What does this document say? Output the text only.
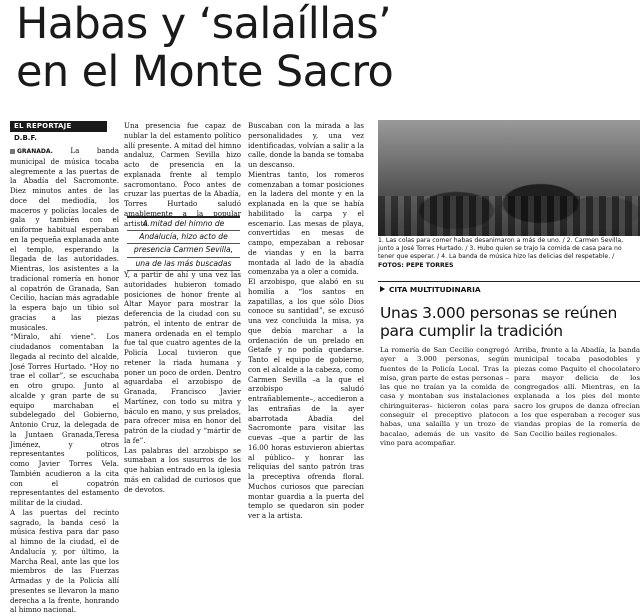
Habas y ‘salaíllas’
en el Monte Sacro
EL REPORTAJE
D.B.F.

GRANADA. La banda municipal de música tocaba alegremente a las puertas de la Abadía del Sacromonte. Diez minutos antes de las doce del mediodía, los maceros y policías locales de gala y también con el uniforme habitual esperaban en la pequeña explanada ante el templo, esperando la llegada de las autoridades. Mientras, los asistentes a la tradicional romería en honor al copatrón de Granada, San Cecilio, hacían más agradable la espera bajo un tibio sol gracias a las piezas musicales.

“Miralo, ahí viene”. Los ciudadanos comentaban la llegada al recinto del alcalde, José Torres Hurtado. “Hoy no trae el collar”, se escuchaba en otro grupo. Junto al alcalde y gran parte de su equipo marchaban el subdelegado del Gobierno, Antonio Cruz, la delegada de la Juntaen Granada,Teresa Jiménez, y otros representantes políticos, como Javier Torres Vela. También acudieron a la cita con el copatrón representantes del estamento militar de la ciudad.

A las puertas del recinto sagrado, la banda cesó la música festiva para dar paso al himno de la ciudad, el de Andalucía y, por último, la Marcha Real, ante las que los miembros de las Fuerzas Armadas y de la Policía allí presentes se llevaron la mano derecha a la frente, honrando al himno nacional.

Una presencia fue capaz de nublar la del estamento político allí presente. A mitad del himno andaluz, Carmen Sevilla hizo acto de presencia en la explanada frente al templo sacromontano. Poco antes de cruzar las puertas de la Abadía, Torres Hurtado saludó amablemente a la popular artista.

A mitad del himno de
Andalucía, hizo acto de
presencia Carmen Sevilla,
una de las más buscadas

Y, a partir de ahí y una vez las autoridades hubieron tomado posiciones de honor frente al Altar Mayor para mostrar la deferencia de la ciudad con su patrón, el intento de entrar de manera ordenada en el templo fue tal que cuatro agentes de la Policía Local tuvieron que retener la riada humana y poner un poco de orden. Dentro aguardaba el arzobispo de Granada, Francisco Javier Martínez, con todo su mitra y báculo en mano, y sus prelados, para ofrecer misa en honor del patrón de la ciudad y “mártir de la fe”.

Las palabras del arzobispo se sumaban a los susurros de los que habían entrado en la iglesia más en calidad de curiosos que de devotos.

Buscaban con la mirada a las personalidades y, una vez identificadas, volvían a salir a la calle, donde la banda se tomaba un descanso.

Mientras tanto, los romeros comenzaban a tomar posiciones en la ladera del monte y en la explanada en la que se había habilitado la carpa y el escenario. Las mesas de playa, convertidas en mesas de campo, empezaban a rebosar de viandas y en la barra montada al lado de la abadía comenzaba ya a oler a comida.

El arzobispo, que alabó en su homilía a “los santos en zapatillas, a los que sólo Dios conoce su santidad”, se excusó una vez concluida la misa, ya que debía marchar a la ordenación de un prelado en Getafe y no podía quedarse. Tanto el equipo de gobierno, con el alcalde a la cabeza, como Carmen Sevilla –a la que el arzobispo saludó entrañablemente–, accedieron a las entrañas de la ayer abarrotada Abadía del Sacromonte para visitar las cuevas –que a partir de las 16.00 horas estuvieron abiertas al público– y honrar las reliquias del santo patrón tras la preceptiva ofrenda floral. Muchos curiosos que parecían montar guardia a la puerta del templo se quedaron sin poder ver a la artista.

1. Las colas para comer habas desanimaron a más de uno. / 2. Carmen Sevilla, junto a José Torres Hurtado. / 3. Hubo quien se trajo la comida de casa para no tener que esperar. / 4. La banda de música hizo las delicias del respetable. / FOTOS: PEPE TORRES
CITA MULTITUDINARIA
Unas 3.000 personas se reúnen para cumplir la tradición

La romería de San Cecilio congregó ayer a 3.000 personas, según fuentes de la Policía Local. Tras la misa, gran parte de estas personas –las que no traían ya la comida de casa y montaban sus instalaciones chiringuiteras– hicieron colas para conseguir el preceptivo platocon habas, una salaílla y un trozo de bacalao, además de un vasito de vino para acompañar.

Arriba, frente a la Abadía, la banda municipal tocaba pasodobles y piezas como Paquito el chocolatero para mayor delicia de los congregados allí. Mientras, en la explanada a los pies del monte sacro los grupos de danza ofrecían a los que esperaban a recoger sus viandas propias de la romería de San Cecilio bailes regionales.
